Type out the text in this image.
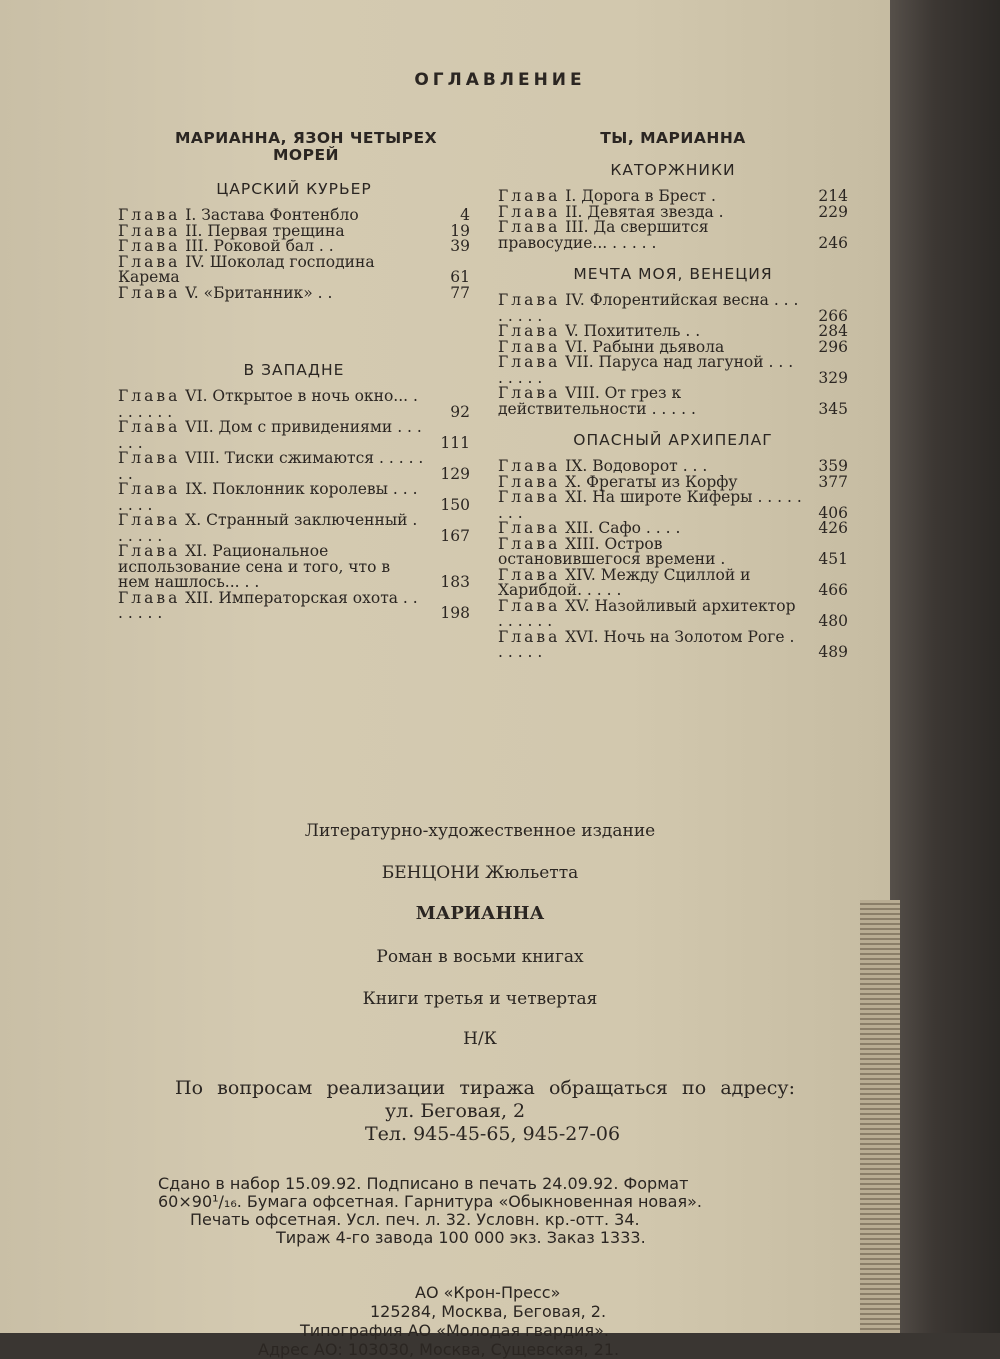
ОГЛАВЛЕНИЕ
МАРИАННА, ЯЗОН ЧЕТЫРЕХ МОРЕЙ
ЦАРСКИЙ КУРЬЕР
Глава I. Застава Фонтенбло	4
Глава II. Первая трещина	19
Глава III. Роковой бал . .	39
Глава IV. Шоколад господина Карема	61
Глава V. «Британник» . .	77
В ЗАПАДНЕ
Глава VI. Открытое в ночь окно... . . . . . . .	92
Глава VII. Дом с привидениями . . . . . .	111
Глава VIII. Тиски сжимаются . . . . . . .	129
Глава IX. Поклонник королевы . . . . . . .	150
Глава X. Странный заключенный . . . . . .	167
Глава XI. Рациональное использование сена и того, что в нем нашлось... . .	183
Глава XII. Императорская охота . . . . . . .	198
ТЫ, МАРИАННА
КАТОРЖНИКИ
Глава I. Дорога в Брест .	214
Глава II. Девятая звезда .	229
Глава III. Да свершится правосудие... . . . . .	246
МЕЧТА МОЯ, ВЕНЕЦИЯ
Глава IV. Флорентийская весна . . . . . . . .	266
Глава V. Похититель . .	284
Глава VI. Рабыни дьявола	296
Глава VII. Паруса над лагуной . . . . . . . .	329
Глава VIII. От грез к действительности . . . . .	345
ОПАСНЫЙ АРХИПЕЛАГ
Глава IX. Водоворот . . .	359
Глава X. Фрегаты из Корфу	377
Глава XI. На широте Киферы . . . . . . . .	406
Глава XII. Сафо . . . .	426
Глава XIII. Остров остановившегося времени .	451
Глава XIV. Между Сциллой и Харибдой. . . . .	466
Глава XV. Назойливый архитектор . . . . . .	480
Глава XVI. Ночь на Золотом Роге . . . . . .	489
Литературно-художественное издание
БЕНЦОНИ Жюльетта
МАРИАННА
Роман в восьми книгах
Книги третья и четвертая
Н/К
По вопросам реализации тиража обращаться по адресу:
ул. Беговая, 2
Тел. 945-45-65, 945-27-06
Сдано в набор 15.09.92. Подписано в печать 24.09.92. Формат
60×90¹/₁₆. Бумага офсетная. Гарнитура «Обыкновенная новая».
Печать офсетная. Усл. печ. л. 32. Условн. кр.-отт. 34.
Тираж 4-го завода 100 000 экз. Заказ 1333.
АО «Крон-Пресс»
125284, Москва, Беговая, 2.
Типография АО «Молодая гвардия».
Адрес АО: 103030, Москва, Сущевская, 21.
